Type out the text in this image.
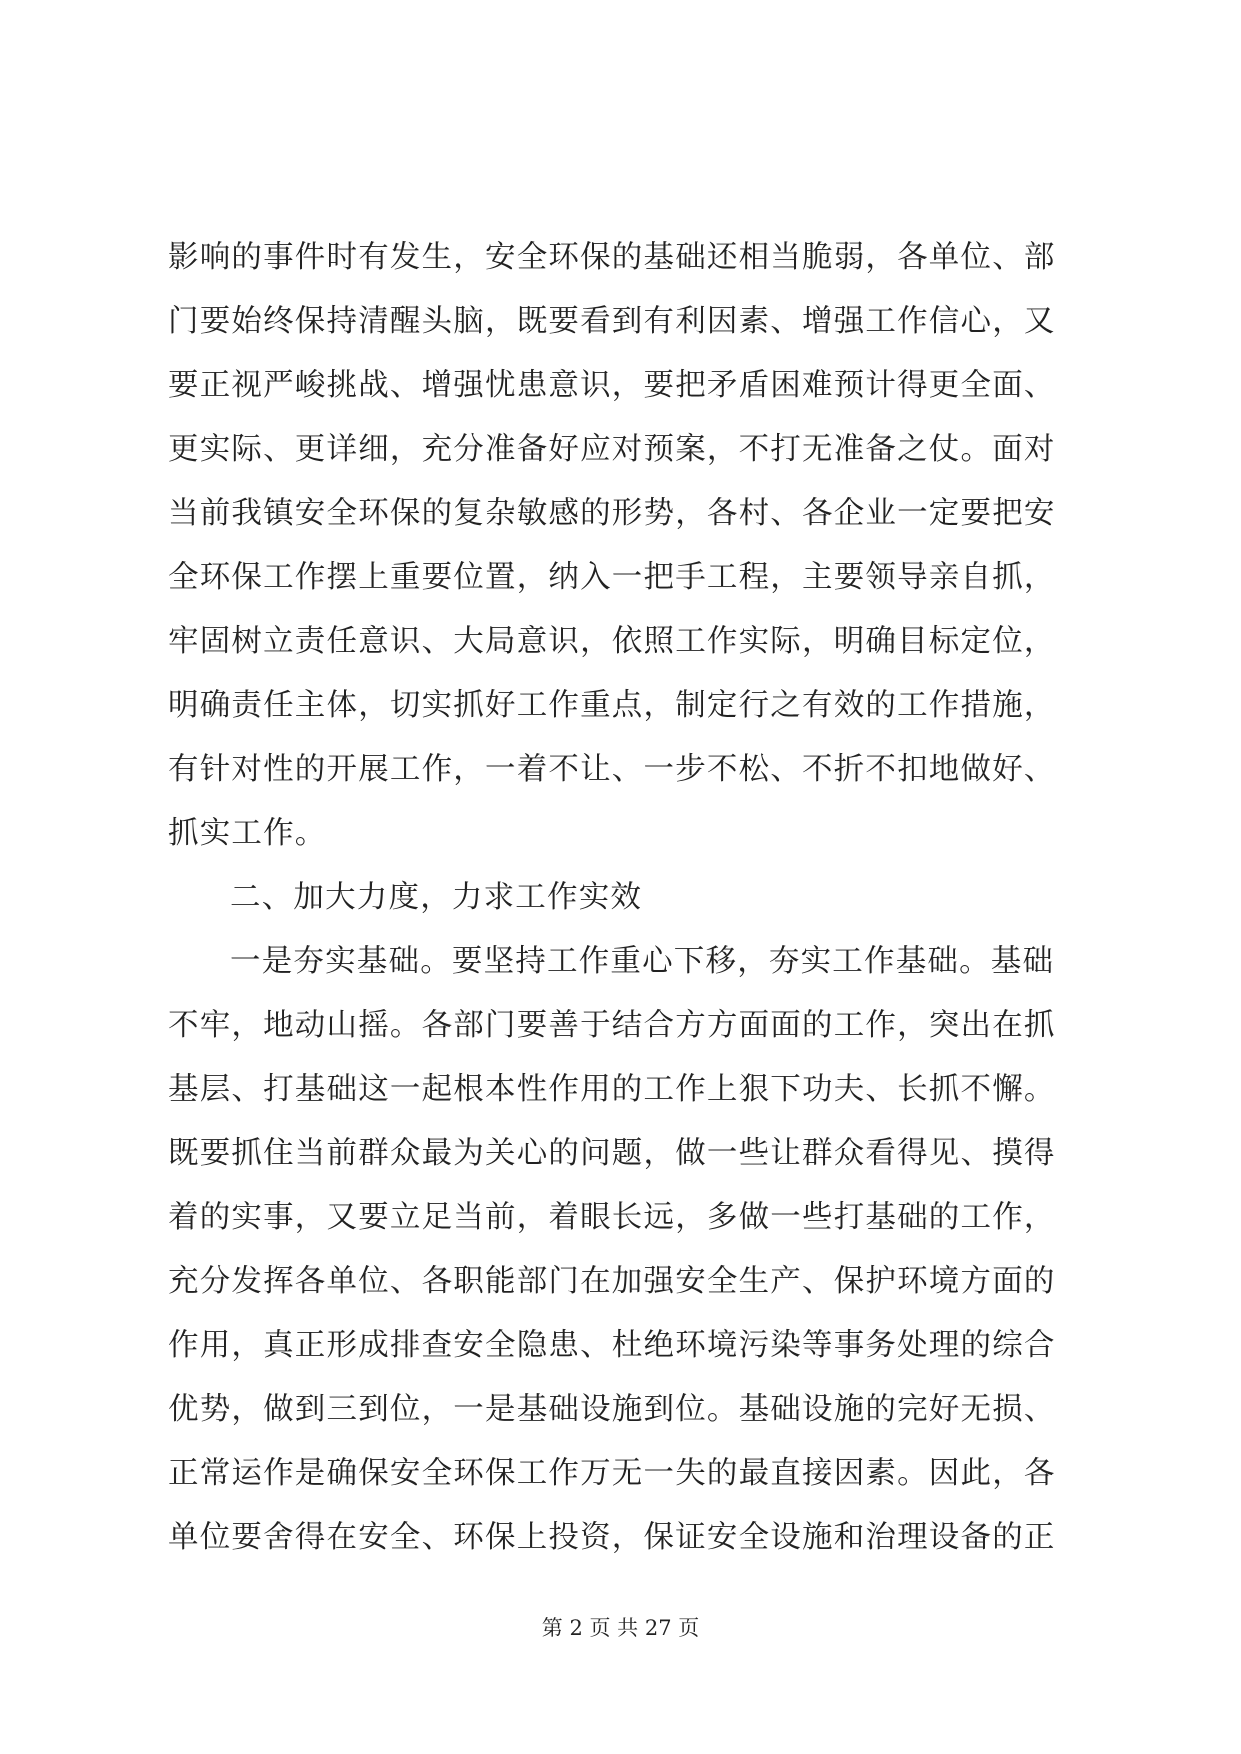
影响的事件时有发生，安全环保的基础还相当脆弱，各单位、部
门要始终保持清醒头脑，既要看到有利因素、增强工作信心，又
要正视严峻挑战、增强忧患意识，要把矛盾困难预计得更全面、
更实际、更详细，充分准备好应对预案，不打无准备之仗。面对
当前我镇安全环保的复杂敏感的形势，各村、各企业一定要把安
全环保工作摆上重要位置，纳入一把手工程，主要领导亲自抓，
牢固树立责任意识、大局意识，依照工作实际，明确目标定位，
明确责任主体，切实抓好工作重点，制定行之有效的工作措施，
有针对性的开展工作，一着不让、一步不松、不折不扣地做好、
抓实工作。
二、加大力度，力求工作实效
一是夯实基础。要坚持工作重心下移，夯实工作基础。基础
不牢，地动山摇。各部门要善于结合方方面面的工作，突出在抓
基层、打基础这一起根本性作用的工作上狠下功夫、长抓不懈。
既要抓住当前群众最为关心的问题，做一些让群众看得见、摸得
着的实事，又要立足当前，着眼长远，多做一些打基础的工作，
充分发挥各单位、各职能部门在加强安全生产、保护环境方面的
作用，真正形成排查安全隐患、杜绝环境污染等事务处理的综合
优势，做到三到位，一是基础设施到位。基础设施的完好无损、
正常运作是确保安全环保工作万无一失的最直接因素。因此，各
单位要舍得在安全、环保上投资，保证安全设施和治理设备的正
第 2 页 共 27 页
